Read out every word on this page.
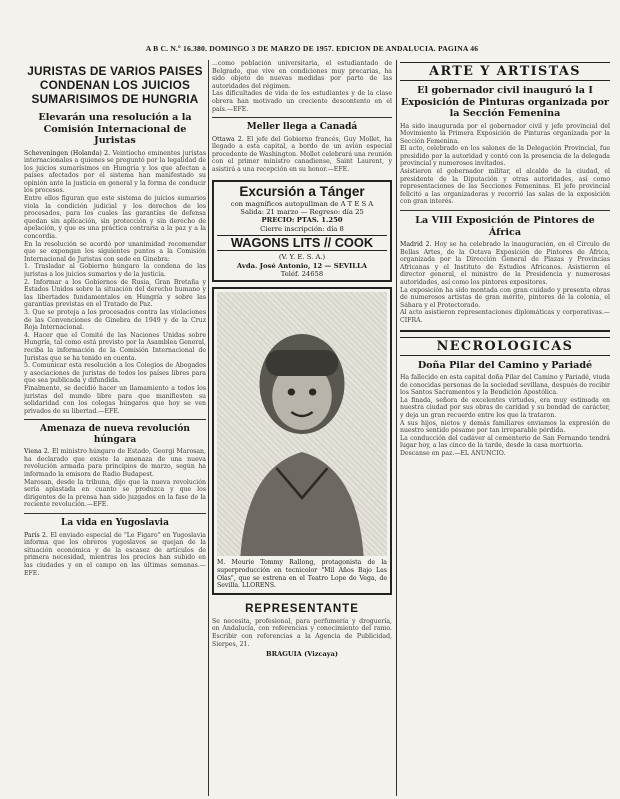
A B C. N.º 16.380. DOMINGO 3 DE MARZO DE 1957. EDICION DE ANDALUCIA. PAGINA 46
JURISTAS DE VARIOS PAISES CONDENAN LOS JUICIOS SUMARISIMOS DE HUNGRIA
Elevarán una resolución a la Comisión Internacional de Juristas

Scheveningen (Holanda) 2. Veintiocho eminentes juristas internacionales a quienes se preguntó por la legalidad de los juicios sumarísimos en Hungría y los que afectan a países afectados por el sistema han manifestado su opinión ante la justicia en general y la forma de conducir los procesos.

Entre ellos figuran que este sistema de juicios sumarios viola la condición judicial y los derechos de los procesados, para los cuales las garantías de defensa quedan sin aplicación, sin protección y sin derecho de apelación, y que es una práctica contraria a la paz y a la concordia.

En la resolución se acordó por unanimidad recomendar que se expongan los siguientes puntos a la Comisión Internacional de Juristas con sede en Ginebra:

1. Trasladar al Gobierno húngaro la condena de las juristas a los juicios sumarios y de la justicia.

2. Informar a los Gobiernos de Rusia, Gran Bretaña y Estados Unidos sobre la situación del derecho humano y las libertades fundamentales en Hungría y sobre las garantías previstas en el Tratado de Paz.

3. Que se proteja a los procesados contra las violaciones de las Convenciones de Ginebra de 1949 y de la Cruz Roja Internacional.

4. Hacer que el Comité de las Naciones Unidas sobre Hungría, tal como está previsto por la Asamblea General, reciba la información de la Comisión Internacional de Juristas que se ha tenido en cuenta.

5. Comunicar esta resolución a los Colegios de Abogados y asociaciones de juristas de todos los países libres para que sea publicada y difundida.

Finalmente, se decidió hacer un llamamiento a todos los juristas del mundo libre para que manifiesten su solidaridad con los colegas húngaros que hoy se ven privados de su libertad.—EFE.

Amenaza de nueva revolución húngara

Viena 2. El ministro húngaro de Estado, Georgi Marosan, ha declarado que existe la amenaza de una nueva revolución armada para principios de marzo, según ha informado la emisora de Radio Budapest.

Marosan, desde la tribuna, dijo que la nueva revolución sería aplastada en cuanto se produzca y que los dirigentes de la prensa han sido juzgados en la fase de la reciente revolución.—EFE.

La vida en Yugoslavia

París 2. El enviado especial de "Le Figaro" en Yugoslavia informa que los obreros yugoslavos se quejan de la situación económica y de la escasez de artículos de primera necesidad, mientras los precios han subido en las ciudades y en el campo en las últimas semanas.—EFE.

...como población universitaria, el estudiantado de Belgrado, que vive en condiciones muy precarias, ha sido objeto de nuevas medidas por parte de las autoridades del régimen.

Las dificultades de vida de los estudiantes y de la clase obrera han motivado un creciente descontento en el país.—EFE.

Meller llega a Canadá

Ottawa 2. El jefe del Gobierno francés, Guy Mollet, ha llegado a esta capital, a bordo de un avión especial procedente de Washington. Mollet celebrará una reunión con el primer ministro canadiense, Saint Laurent, y asistirá a una recepción en su honor.—EFE.

Excursión a Tánger
con magníficos autopullman de A T E S A
Salida: 21 marzo — Regreso: día 25
PRECIO: PTAS. 1.250
Cierre inscripción: día 8
WAGONS LITS // COOK
(V. Y. E. S. A.)
Avda. José Antonio, 12 — SEVILLA
Teléf. 24658

M. Mourie Tommy Rallong, protagonista de la superproducción en tecnicolor "Mil Años Bajo Las Olas", que se estrena en el Teatro Lope de Vega, de Sevilla. LLORENS.

REPRESENTANTE

Se necesita, profesional, para perfumería y droguería, en Andalucía, con referencias y conocimiento del ramo. Escribir con referencias a la Agencia de Publicidad, Sierpes, 21.

BRAGUIA (Vizcaya)
ARTE Y ARTISTAS
El gobernador civil inauguró la I Exposición de Pinturas organizada por la Sección Femenina

Ha sido inaugurada por el gobernador civil y jefe provincial del Movimiento la Primera Exposición de Pinturas organizada por la Sección Femenina.

El acto, celebrado en los salones de la Delegación Provincial, fue presidido por la autoridad y contó con la presencia de la delegada provincial y numerosos invitados.

Asistieron el gobernador militar, el alcalde de la ciudad, el presidente de la Diputación y otras autoridades, así como representaciones de las Secciones Femeninas. El jefe provincial felicitó a las organizadoras y recorrió las salas de la exposición con gran interés.

La VIII Exposición de Pintores de África

Madrid 2. Hoy se ha celebrado la inauguración, en el Círculo de Bellas Artes, de la Octava Exposición de Pintores de África, organizada por la Dirección General de Plazas y Provincias Africanas y el Instituto de Estudios Africanos. Asistieron el director general, el ministro de la Presidencia y numerosas autoridades, así como los pintores expositores.

La exposición ha sido montada con gran cuidado y presenta obras de numerosos artistas de gran mérito, pintores de la colonia, el Sáhara y el Protectorado.

Al acto asistieron representaciones diplomáticas y corporativas.—CIFRA.

NECROLOGICAS
Doña Pilar del Camino y Pariadé

Ha fallecido en esta capital doña Pilar del Camino y Pariadé, viuda de conocidas personas de la sociedad sevillana, después de recibir los Santos Sacramentos y la Bendición Apostólica.

La finada, señora de excelentes virtudes, era muy estimada en nuestra ciudad por sus obras de caridad y su bondad de carácter, y deja un gran recuerdo entre los que la trataron.

A sus hijos, nietos y demás familiares enviamos la expresión de nuestro sentido pésame por tan irreparable pérdida.

La conducción del cadáver al cementerio de San Fernando tendrá lugar hoy, a las cinco de la tarde, desde la casa mortuoria.

Descanse en paz.—EL ANUNCIO.
